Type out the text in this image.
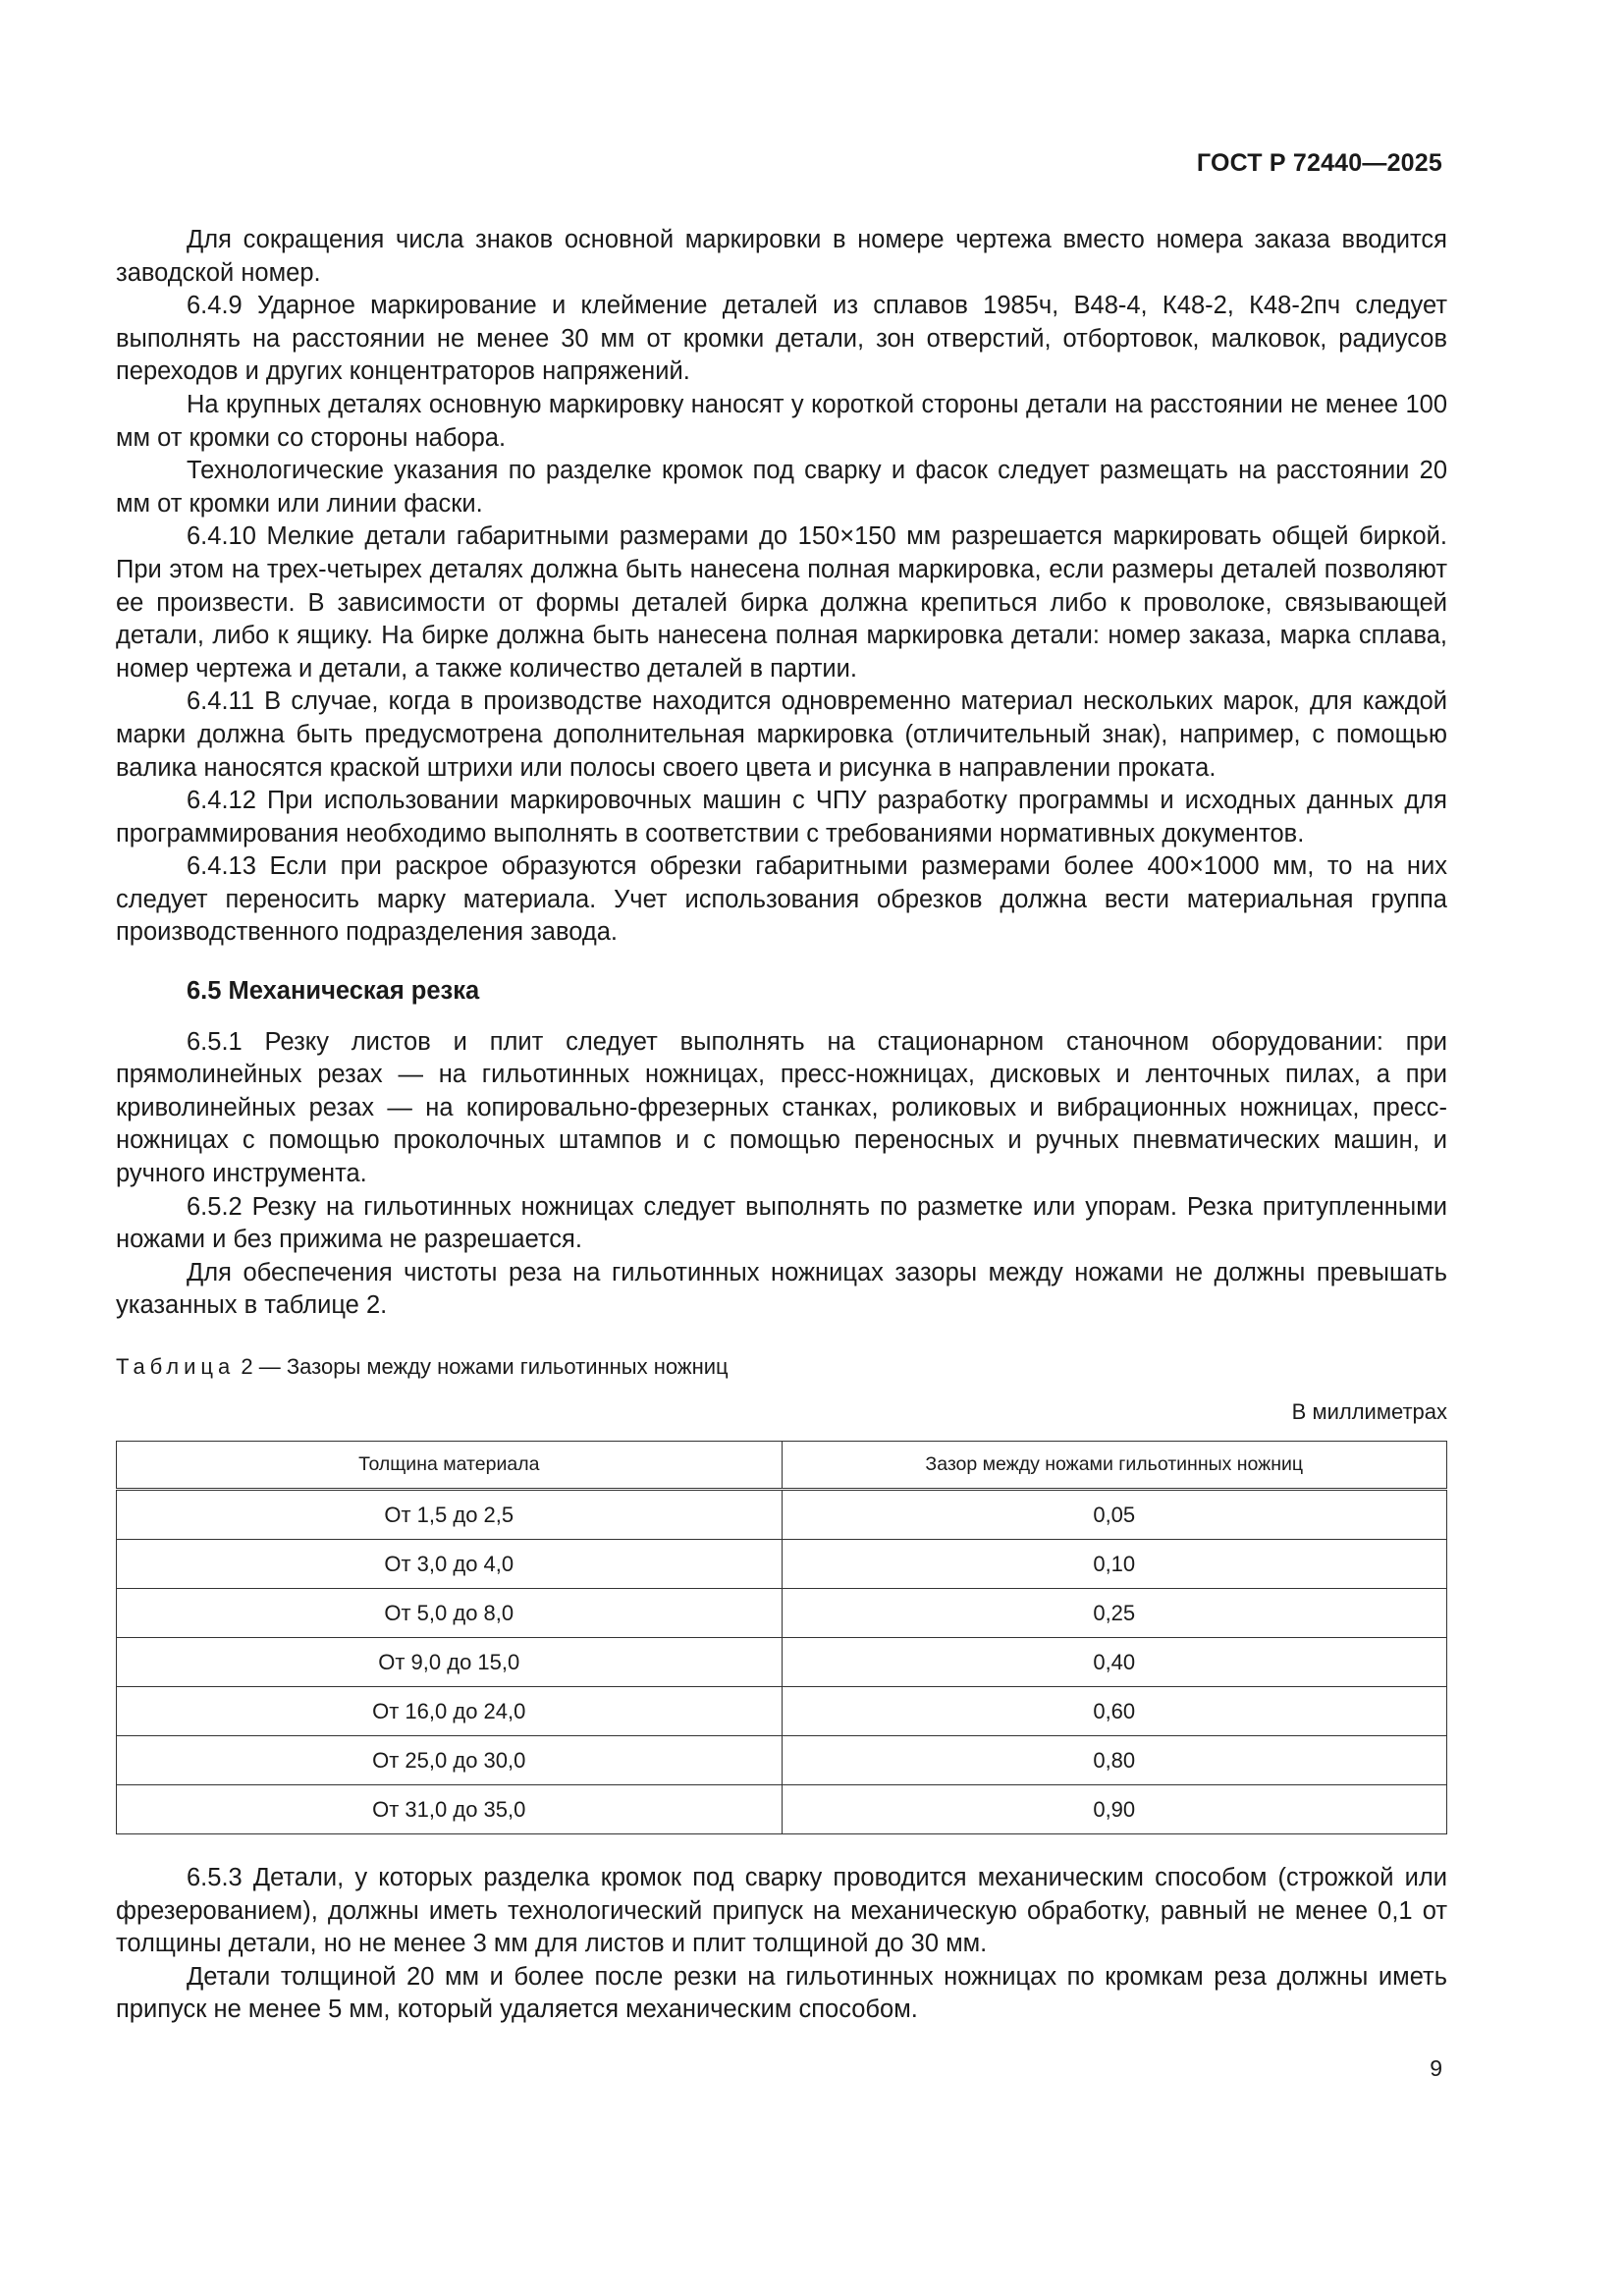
ГОСТ Р 72440—2025

Для сокращения числа знаков основной маркировки в номере чертежа вместо номера заказа вводится заводской номер.

6.4.9 Ударное маркирование и клеймение деталей из сплавов 1985ч, В48-4, К48-2, К48-2пч следует выполнять на расстоянии не менее 30 мм от кромки детали, зон отверстий, отбортовок, малковок, радиусов переходов и других концентраторов напряжений.

На крупных деталях основную маркировку наносят у короткой стороны детали на расстоянии не менее 100 мм от кромки со стороны набора.

Технологические указания по разделке кромок под сварку и фасок следует размещать на расстоянии 20 мм от кромки или линии фаски.

6.4.10 Мелкие детали габаритными размерами до 150×150 мм разрешается маркировать общей биркой. При этом на трех-четырех деталях должна быть нанесена полная маркировка, если размеры деталей позволяют ее произвести. В зависимости от формы деталей бирка должна крепиться либо к проволоке, связывающей детали, либо к ящику. На бирке должна быть нанесена полная маркировка детали: номер заказа, марка сплава, номер чертежа и детали, а также количество деталей в партии.

6.4.11 В случае, когда в производстве находится одновременно материал нескольких марок, для каждой марки должна быть предусмотрена дополнительная маркировка (отличительный знак), например, с помощью валика наносятся краской штрихи или полосы своего цвета и рисунка в направлении проката.

6.4.12 При использовании маркировочных машин с ЧПУ разработку программы и исходных данных для программирования необходимо выполнять в соответствии с требованиями нормативных документов.

6.4.13 Если при раскрое образуются обрезки габаритными размерами более 400×1000 мм, то на них следует переносить марку материала. Учет использования обрезков должна вести материальная группа производственного подразделения завода.

6.5 Механическая резка

6.5.1 Резку листов и плит следует выполнять на стационарном станочном оборудовании: при прямолинейных резах — на гильотинных ножницах, пресс-ножницах, дисковых и ленточных пилах, а при криволинейных резах — на копировально-фрезерных станках, роликовых и вибрационных ножницах, пресс-ножницах с помощью проколочных штампов и с помощью переносных и ручных пневматических машин, и ручного инструмента.

6.5.2 Резку на гильотинных ножницах следует выполнять по разметке или упорам. Резка притупленными ножами и без прижима не разрешается.

Для обеспечения чистоты реза на гильотинных ножницах зазоры между ножами не должны превышать указанных в таблице 2.

Таблица 2 — Зазоры между ножами гильотинных ножниц
В миллиметрах
Толщина материала	Зазор между ножами гильотинных ножниц
От 1,5 до 2,5	0,05
От 3,0 до 4,0	0,10
От 5,0 до 8,0	0,25
От 9,0 до 15,0	0,40
От 16,0 до 24,0	0,60
От 25,0 до 30,0	0,80
От 31,0 до 35,0	0,90

6.5.3 Детали, у которых разделка кромок под сварку проводится механическим способом (строжкой или фрезерованием), должны иметь технологический припуск на механическую обработку, равный не менее 0,1 от толщины детали, но не менее 3 мм для листов и плит толщиной до 30 мм.

Детали толщиной 20 мм и более после резки на гильотинных ножницах по кромкам реза должны иметь припуск не менее 5 мм, который удаляется механическим способом.

9
